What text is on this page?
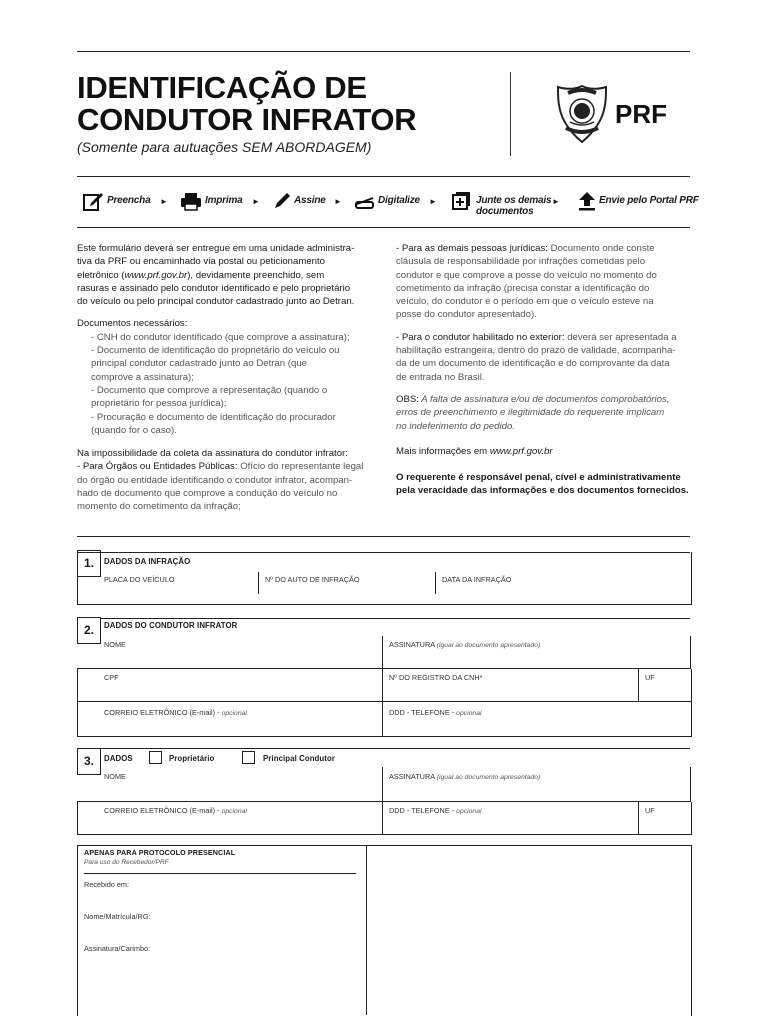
IDENTIFICAÇÃO DE
CONDUTOR INFRATOR
(Somente para autuações SEM ABORDAGEM)
PRF
Preencha ►	Imprima ►	Assine ►	Digitalize ►	Junte os demais
documentos
►	Envie pelo Portal PRF

Este formulário deverá ser entregue em uma unidade administra-
tiva da PRF ou encaminhado via postal ou peticionamento
eletrônico (www.prf.gov.br), devidamente preenchido, sem
rasuras e assinado pelo condutor identificado e pelo proprietário
do veículo ou pelo principal condutor cadastrado junto ao Detran.

Documentos necessários:

- CNH do condutor identificado (que comprove a assinatura);
- Documento de identificação do proprietário do veículo ou
principal condutor cadastrado junto ao Detran (que
comprove a assinatura);
- Documento que comprove a representação (quando o
proprietário for pessoa jurídica);
- Procuração e documento de identificação do procurador
(quando for o caso).

Na impossibilidade da coleta da assinatura do condutor infrator:

- Para Órgãos ou Entidades Públicas: Ofício do representante legal
do órgão ou entidade identificando o condutor infrator, acompan-
hado de documento que comprove a condução do veículo no
momento do cometimento da infração;

- Para as demais pessoas jurídicas: Documento onde conste
cláusula de responsabilidade por infrações cometidas pelo
condutor e que comprove a posse do veículo no momento do
cometimento da infração (precisa constar a identificação do
veículo, do condutor e o período em que o veículo esteve na
posse do condutor apresentado).

- Para o condutor habilitado no exterior: deverá ser apresentada a
habilitação estrangeira, dentro do prazo de validade, acompanha-
da de um documento de identificação e do comprovante da data
de entrada no Brasil.

OBS: A falta de assinatura e/ou de documentos comprobatórios,
erros de preenchimento e ilegitimidade do requerente implicam
no indeferimento do pedido.

Mais informações em www.prf.gov.br

O requerente é responsável penal, cível e administrativamente
pela veracidade das informações e dos documentos fornecidos.

1.	DADOS DA INFRAÇÃO
PLACA DO VEÍCULO	Nº DO AUTO DE INFRAÇÃO	DATA DA INFRAÇÃO
2.	DADOS DO CONDUTOR INFRATOR
NOME	ASSINATURA (igual ao documento apresentado)
CPF	Nº DO REGISTRO DA CNH*	UF
CORREIO ELETRÔNICO (E-mail) - opcional	DDD - TELEFONE - opcional
3.	DADOS	Proprietário	Principal Condutor
NOME	ASSINATURA (igual ao documento apresentado)
CORREIO ELETRÔNICO (E-mail) - opcional	DDD - TELEFONE - opcional	UF
APENAS PARA PROTOCOLO PRESENCIAL
Para uso do Recebedor/PRF
Recebido em:
Nome/Matrícula/RG:
Assinatura/Carimbo:
